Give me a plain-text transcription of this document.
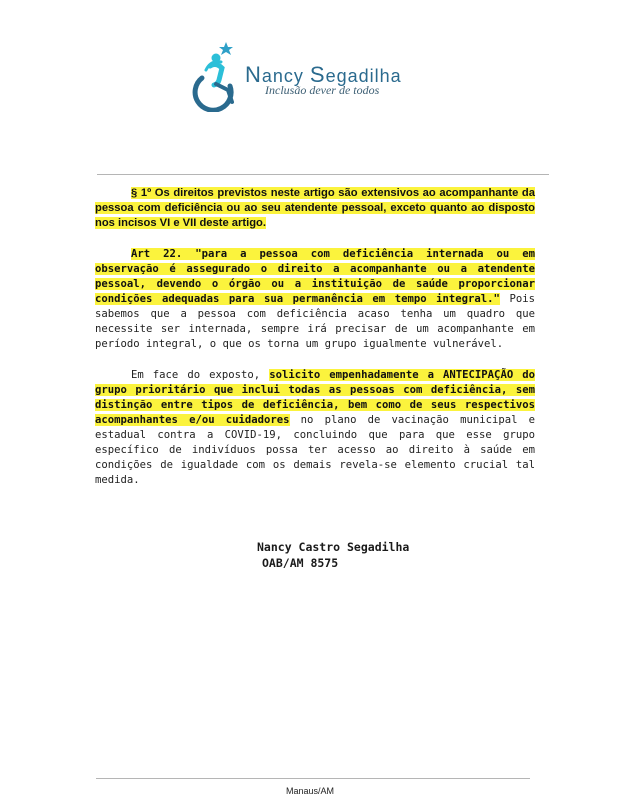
Nancy Segadilha
Inclusão dever de todos

§ 1º Os direitos previstos neste artigo são extensivos ao acompanhante da pessoa com deficiência ou ao seu atendente pessoal, exceto quanto ao disposto nos incisos VI e VII deste artigo.

Art 22. "para a pessoa com deficiência internada ou em observação é assegurado o direito a acompanhante ou a atendente pessoal, devendo o órgão ou a instituição de saúde proporcionar condições adequadas para sua permanência em tempo integral." Pois sabemos que a pessoa com deficiência acaso tenha um quadro que necessite ser internada, sempre irá precisar de um acompanhante em período integral, o que os torna um grupo igualmente vulnerável.

Em face do exposto, solicito empenhadamente a ANTECIPAÇÃO do grupo prioritário que inclui todas as pessoas com deficiência, sem distinção entre tipos de deficiência, bem como de seus respectivos acompanhantes e/ou cuidadores no plano de vacinação municipal e estadual contra a COVID-19, concluindo que para que esse grupo específico de indivíduos possa ter acesso ao direito à saúde em condições de igualdade com os demais revela-se elemento crucial tal medida.

Nancy Castro Segadilha
OAB/AM 8575
Manaus/AM
